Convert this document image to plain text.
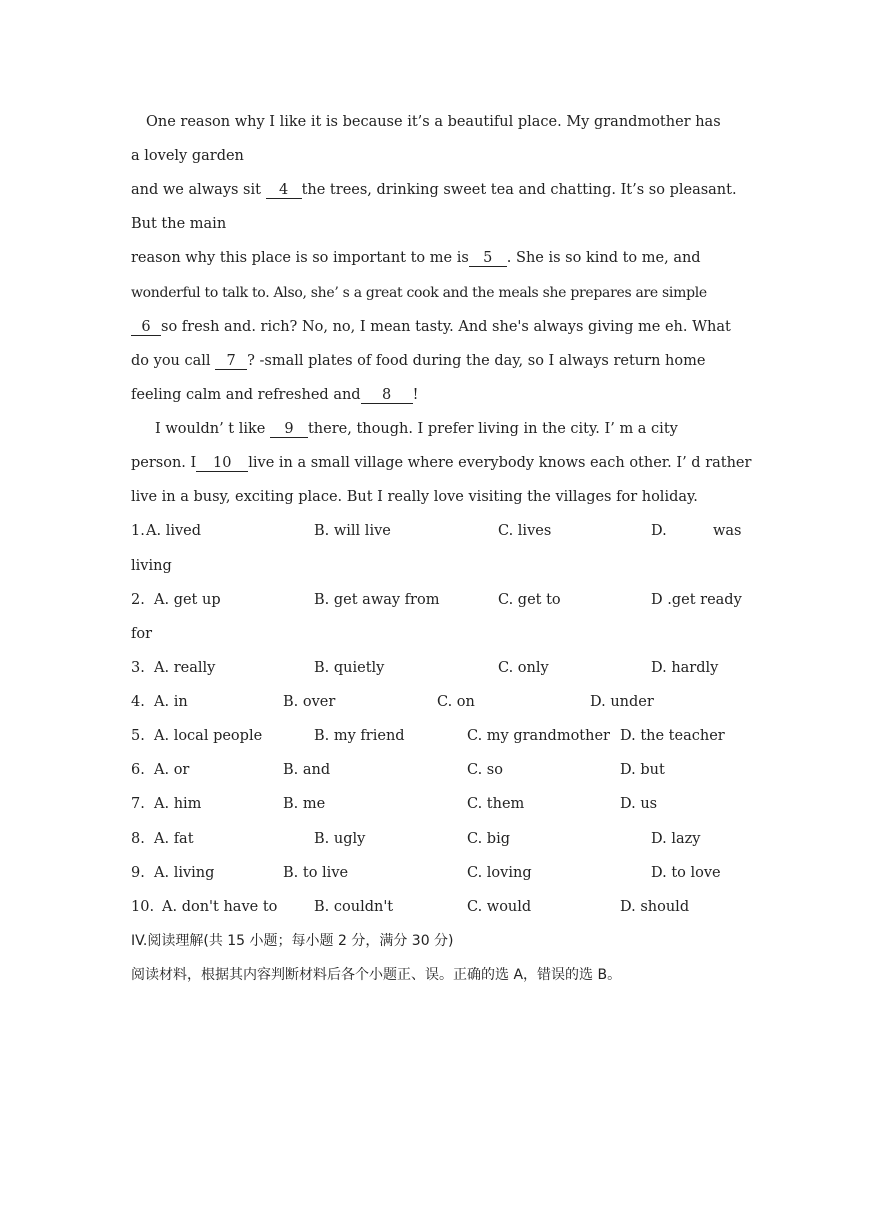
One reason why I like it is because it’s a beautiful place. My grandmother has
a lovely garden
and we always sit 4 the trees, drinking sweet tea and chatting. It’s so pleasant.
But the main
reason why this place is so important to me is 5 . She is so kind to me, and
wonderful to talk to. Also, she’ s a great cook and the meals she prepares are simple
6 so fresh and. rich? No, no, I mean tasty. And she's always giving me eh. What
do you call 7 ? -small plates of food during the day, so I always return home
feeling calm and refreshed and 8 !
I wouldn’ t like 9 there, though. I prefer living in the city. I’ m a city
person. I 10 live in a small village where everybody knows each other. I’ d rather
live in a busy, exciting place. But I really love visiting the villages for holiday.
1. A. lived	B. will live	C. lives	D.	was
living
2. A. get up	B. get away from	C. get to	D .get ready
for
3. A. really	B. quietly	C. only	D. hardly
4. A. in	B. over	C. on	D. under
5. A. local people	B. my friend	C. my grandmother D. the teacher
6. A. or	B. and	C. so	D. but
7. A. him	B. me	C. them	D. us
8. A. fat	B. ugly	C. big	D. lazy
9. A. living	B. to live	C. loving	D. to love
10. A. don't have to	B. couldn't	C. would	D. should
IV.阅读理解(共 15 小题；每小题 2 分，满分 30 分)
阅读材料，根据其内容判断材料后各个小题正、误。正确的选 A，错误的选 B。
